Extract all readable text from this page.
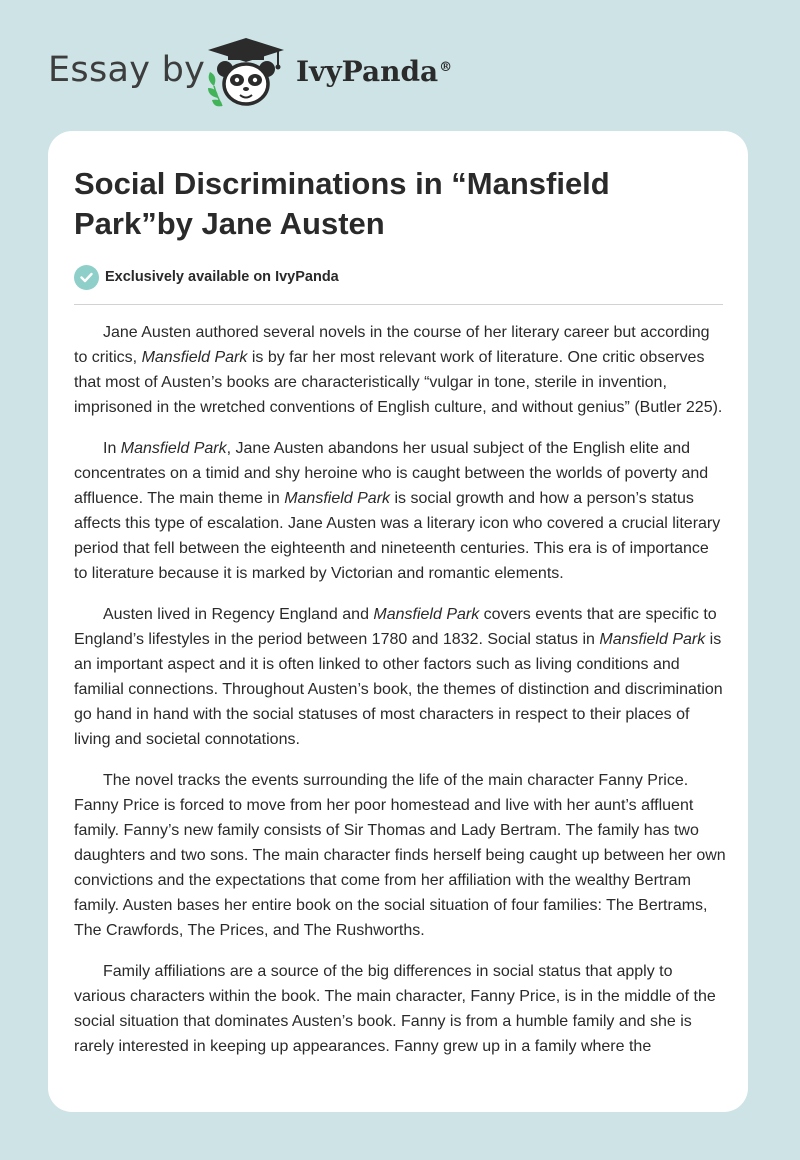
Essay by	IvyPanda®
Social Discriminations in “Mansfield Park”by Jane Austen
Exclusively available on IvyPanda

Jane Austen authored several novels in the course of her literary career but according to critics, Mansfield Park is by far her most relevant work of literature. One critic observes that most of Austen’s books are characteristically “vulgar in tone, sterile in invention, imprisoned in the wretched conventions of English culture, and without genius” (Butler 225).

In Mansfield Park, Jane Austen abandons her usual subject of the English elite and concentrates on a timid and shy heroine who is caught between the worlds of poverty and affluence. The main theme in Mansfield Park is social growth and how a person’s status affects this type of escalation. Jane Austen was a literary icon who covered a crucial literary period that fell between the eighteenth and nineteenth centuries. This era is of importance to literature because it is marked by Victorian and romantic elements.

Austen lived in Regency England and Mansfield Park covers events that are specific to England’s lifestyles in the period between 1780 and 1832. Social status in Mansfield Park is an important aspect and it is often linked to other factors such as living conditions and familial connections. Throughout Austen’s book, the themes of distinction and discrimination go hand in hand with the social statuses of most characters in respect to their places of living and societal connotations.

The novel tracks the events surrounding the life of the main character Fanny Price. Fanny Price is forced to move from her poor homestead and live with her aunt’s affluent family. Fanny’s new family consists of Sir Thomas and Lady Bertram. The family has two daughters and two sons. The main character finds herself being caught up between her own convictions and the expectations that come from her affiliation with the wealthy Bertram family. Austen bases her entire book on the social situation of four families: The Bertrams, The Crawfords, The Prices, and The Rushworths.

Family affiliations are a source of the big differences in social status that apply to various characters within the book. The main character, Fanny Price, is in the middle of the social situation that dominates Austen’s book. Fanny is from a humble family and she is rarely interested in keeping up appearances. Fanny grew up in a family where the
